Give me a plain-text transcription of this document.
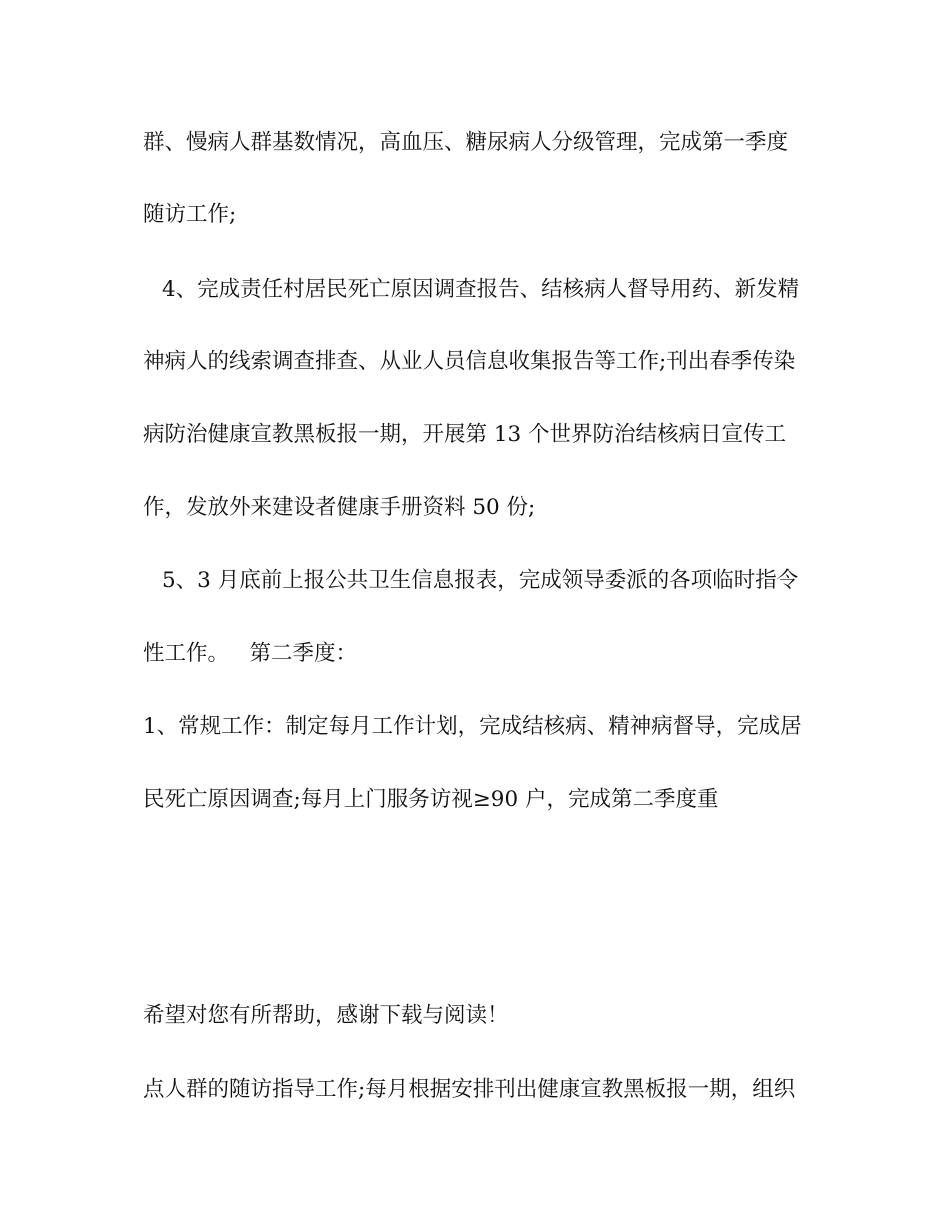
群、慢病人群基数情况，高血压、糖尿病人分级管理，完成第一季度
随访工作;
4、完成责任村居民死亡原因调查报告、结核病人督导用药、新发精
神病人的线索调查排查、从业人员信息收集报告等工作;刊出春季传染
病防治健康宣教黑板报一期，开展第 13 个世界防治结核病日宣传工
作，发放外来建设者健康手册资料 50 份;
5、3 月底前上报公共卫生信息报表，完成领导委派的各项临时指令
性工作。   第二季度：
1、常规工作：制定每月工作计划，完成结核病、精神病督导，完成居
民死亡原因调查;每月上门服务访视≥90 户，完成第二季度重
希望对您有所帮助，感谢下载与阅读！
点人群的随访指导工作;每月根据安排刊出健康宣教黑板报一期，组织
